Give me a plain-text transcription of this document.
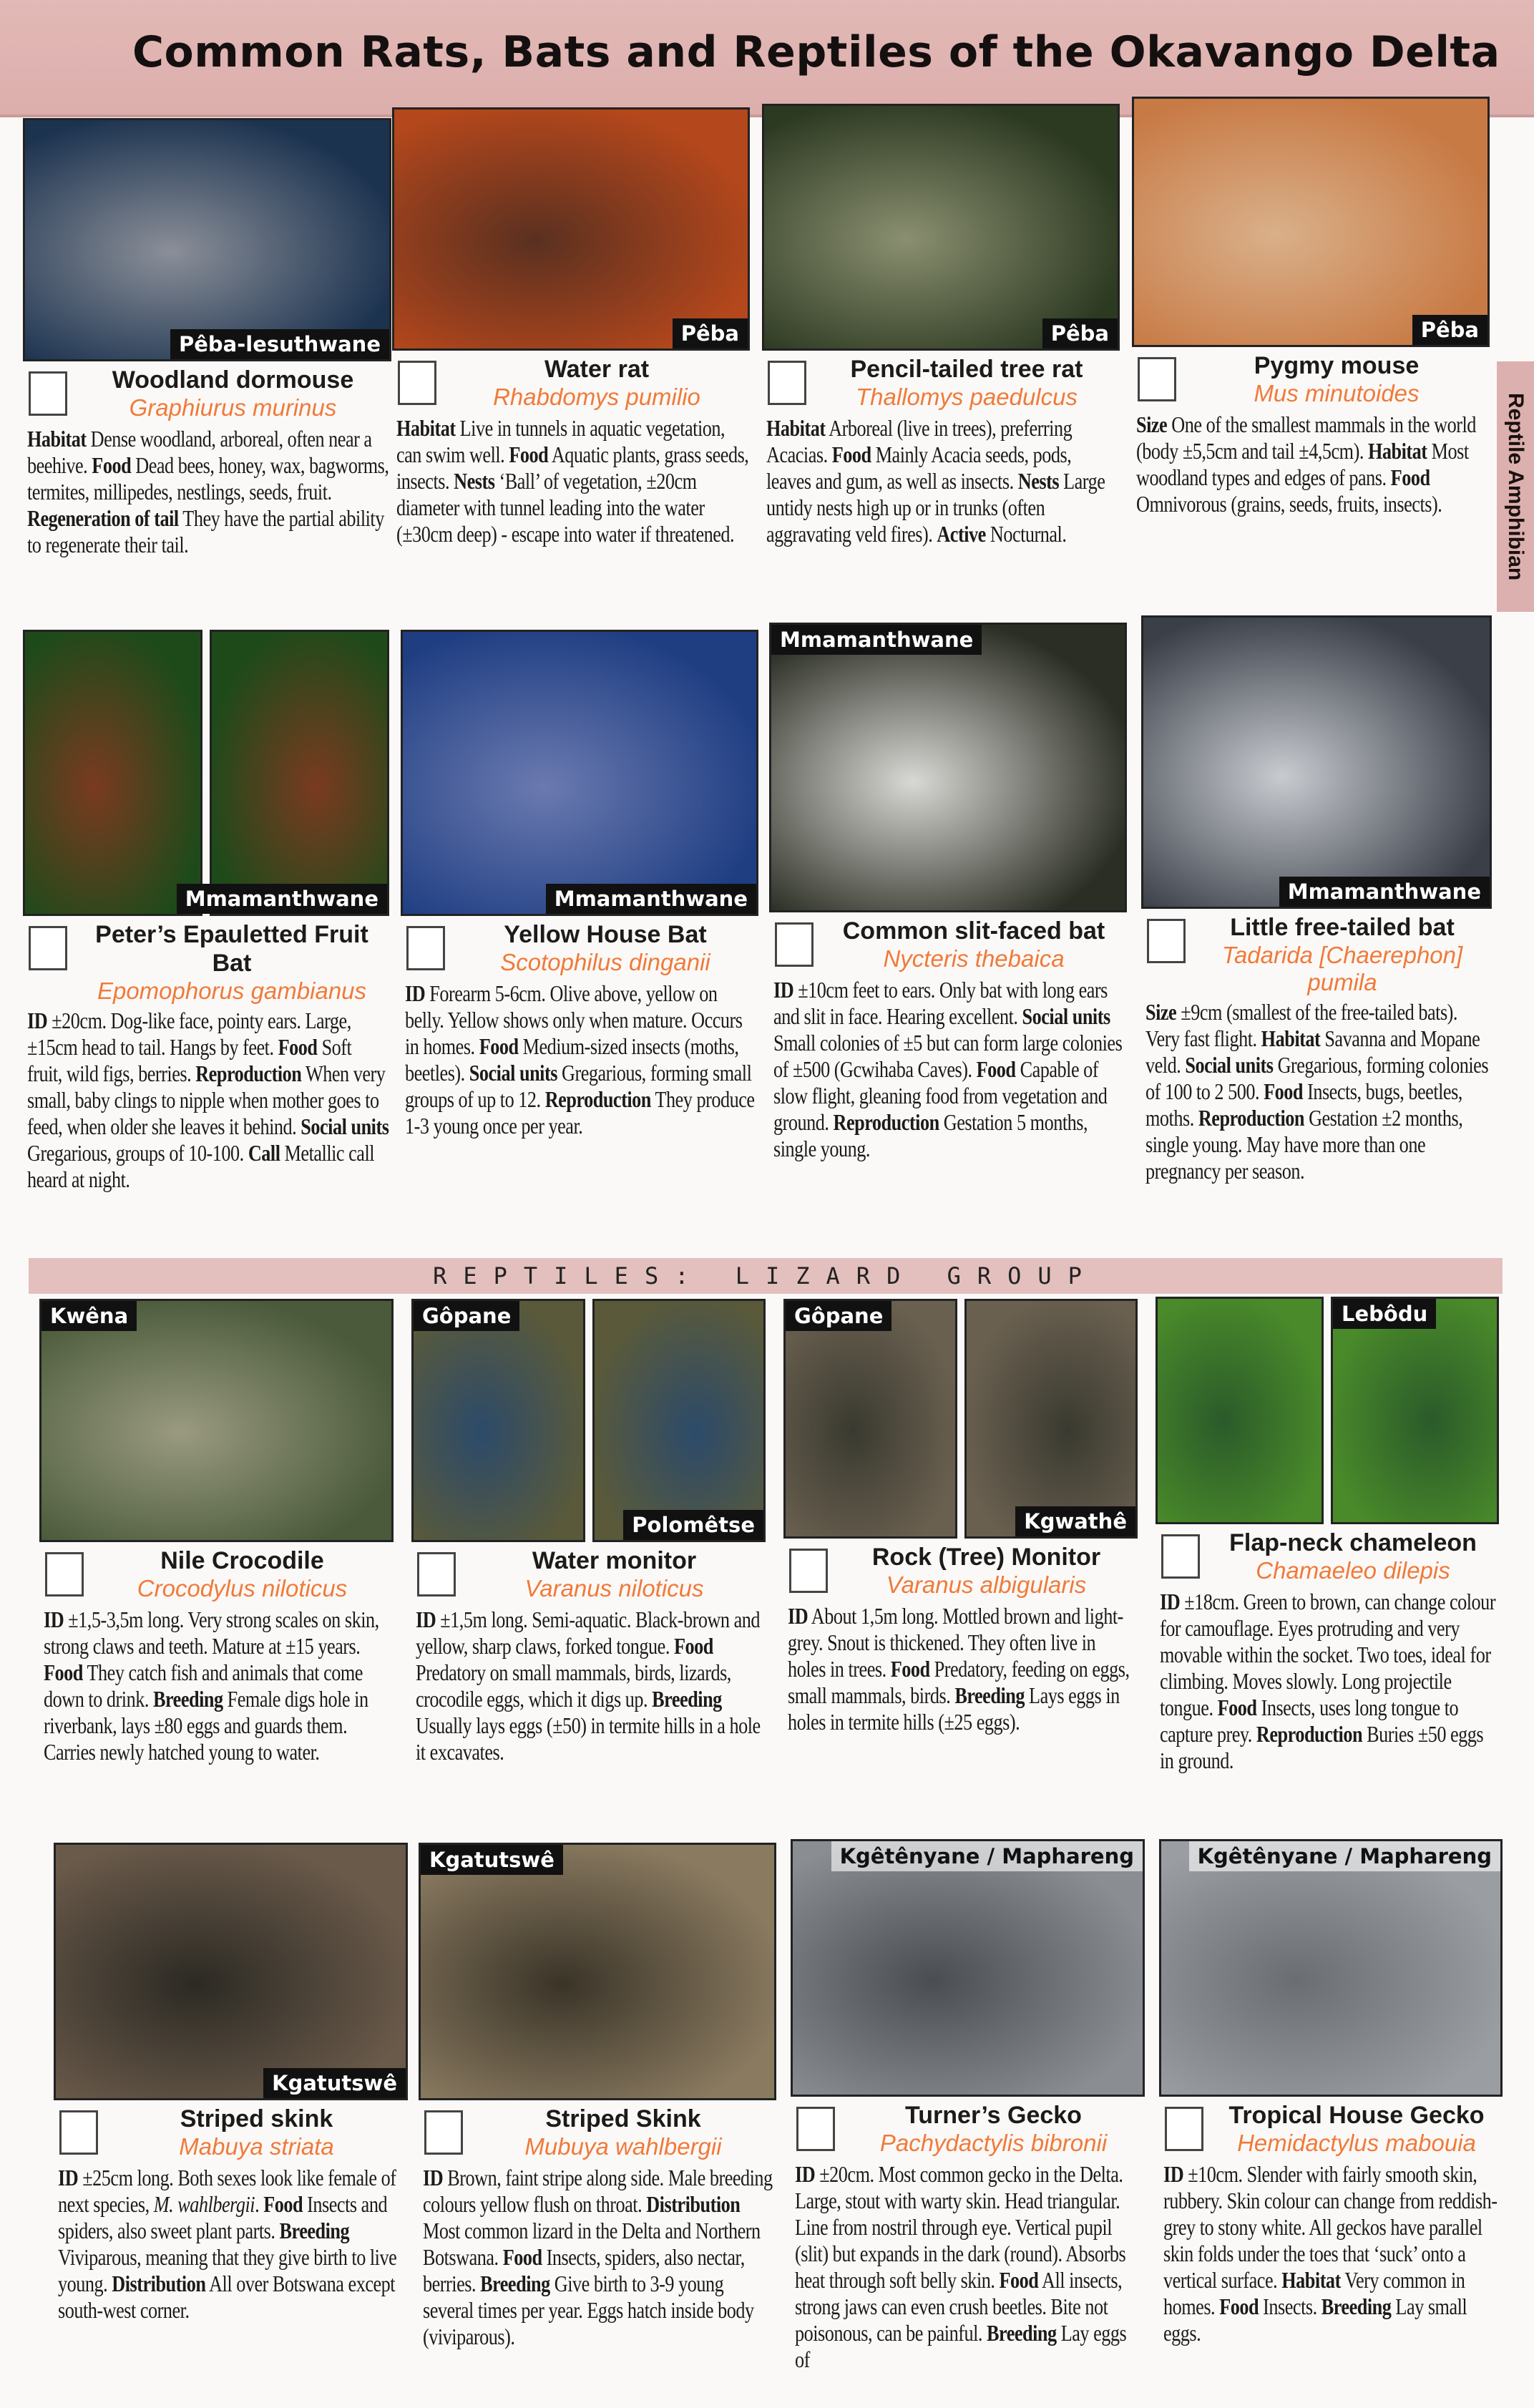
Common Rats, Bats and Reptiles of the Okavango Delta
Reptile Amphibian
REPTILES: LIZARD GROUP
Pêba-lesuthwane
Woodland dormouse
Graphiurus murinus
Habitat Dense woodland, arboreal, often near a beehive. Food Dead bees, honey, wax, bagworms, termites, millipedes, nestlings, seeds, fruit. Regeneration of tail They have the partial ability to regenerate their tail.
Pêba
Water rat
Rhabdomys pumilio
Habitat Live in tunnels in aquatic vegetation, can swim well. Food Aquatic plants, grass seeds, insects. Nests ‘Ball’ of vegetation, ±20cm diameter with tunnel leading into the water (±30cm deep) - escape into water if threatened.
Pêba
Pencil-tailed tree rat
Thallomys paedulcus
Habitat Arboreal (live in trees), preferring Acacias. Food Mainly Acacia seeds, pods, leaves and gum, as well as insects. Nests Large untidy nests high up or in trunks (often aggravating veld fires). Active Nocturnal.
Pêba
Pygmy mouse
Mus minutoides
Size One of the smallest mammals in the world (body ±5,5cm and tail ±4,5cm). Habitat Most woodland types and edges of pans. Food Omnivorous (grains, seeds, fruits, insects).
Mmamanthwane
Peter’s Epauletted Fruit Bat
Epomophorus gambianus
ID ±20cm. Dog-like face, pointy ears. Large, ±15cm head to tail. Hangs by feet. Food Soft fruit, wild figs, berries. Reproduction When very small, baby clings to nipple when mother goes to feed, when older she leaves it behind. Social units Gregarious, groups of 10-100. Call Metallic call heard at night.
Mmamanthwane
Yellow House Bat
Scotophilus dinganii
ID Forearm 5-6cm. Olive above, yellow on belly. Yellow shows only when mature. Occurs in homes. Food Medium-sized insects (moths, beetles). Social units Gregarious, forming small groups of up to 12. Reproduction They produce 1-3 young once per year.
Mmamanthwane
Common slit-faced bat
Nycteris thebaica
ID ±10cm feet to ears. Only bat with long ears and slit in face. Hearing excellent. Social units Small colonies of ±5 but can form large colonies of ±500 (Gcwihaba Caves). Food Capable of slow flight, gleaning food from vegetation and ground. Reproduction Gestation 5 months, single young.
Mmamanthwane
Little free-tailed bat
Tadarida [Chaerephon] pumila
Size ±9cm (smallest of the free-tailed bats). Very fast flight. Habitat Savanna and Mopane veld. Social units Gregarious, forming colonies of 100 to 2 500. Food Insects, bugs, beetles, moths. Reproduction Gestation ±2 months, single young. May have more than one pregnancy per season.
Kwêna
Nile Crocodile
Crocodylus niloticus
ID ±1,5-3,5m long. Very strong scales on skin, strong claws and teeth. Mature at ±15 years. Food They catch fish and animals that come down to drink. Breeding Female digs hole in riverbank, lays ±80 eggs and guards them. Carries newly hatched young to water.
Gôpane
Polomêtse
Water monitor
Varanus niloticus
ID ±1,5m long. Semi-aquatic. Black-brown and yellow, sharp claws, forked tongue. Food Predatory on small mammals, birds, lizards, crocodile eggs, which it digs up. Breeding Usually lays eggs (±50) in termite hills in a hole it excavates.
Gôpane
Kgwathê
Rock (Tree) Monitor
Varanus albigularis
ID About 1,5m long. Mottled brown and light-grey. Snout is thickened. They often live in holes in trees. Food Predatory, feeding on eggs, small mammals, birds. Breeding Lays eggs in holes in termite hills (±25 eggs).
Lebôdu
Flap-neck chameleon
Chamaeleo dilepis
ID ±18cm. Green to brown, can change colour for camouflage. Eyes protruding and very movable within the socket. Two toes, ideal for climbing. Moves slowly. Long projectile tongue. Food Insects, uses long tongue to capture prey. Reproduction Buries ±50 eggs in ground.
Kgatutswê
Striped skink
Mabuya striata
ID ±25cm long. Both sexes look like female of next species, M. wahlbergii. Food Insects and spiders, also sweet plant parts. Breeding Viviparous, meaning that they give birth to live young. Distribution All over Botswana except south-west corner.
Kgatutswê
Striped Skink
Mubuya wahlbergii
ID Brown, faint stripe along side. Male breeding colours yellow flush on throat. Distribution Most common lizard in the Delta and Northern Botswana. Food Insects, spiders, also nectar, berries. Breeding Give birth to 3-9 young several times per year. Eggs hatch inside body (viviparous).
Kgêtênyane / Maphareng
Turner’s Gecko
Pachydactylis bibronii
ID ±20cm. Most common gecko in the Delta. Large, stout with warty skin. Head triangular. Line from nostril through eye. Vertical pupil (slit) but expands in the dark (round). Absorbs heat through soft belly skin. Food All insects, strong jaws can even crush beetles. Bite not poisonous, can be painful. Breeding Lay eggs of
Kgêtênyane / Maphareng
Tropical House Gecko
Hemidactylus mabouia
ID ±10cm. Slender with fairly smooth skin, rubbery. Skin colour can change from reddish-grey to stony white. All geckos have parallel skin folds under the toes that ‘suck’ onto a vertical surface. Habitat Very common in homes. Food Insects. Breeding Lay small eggs.
